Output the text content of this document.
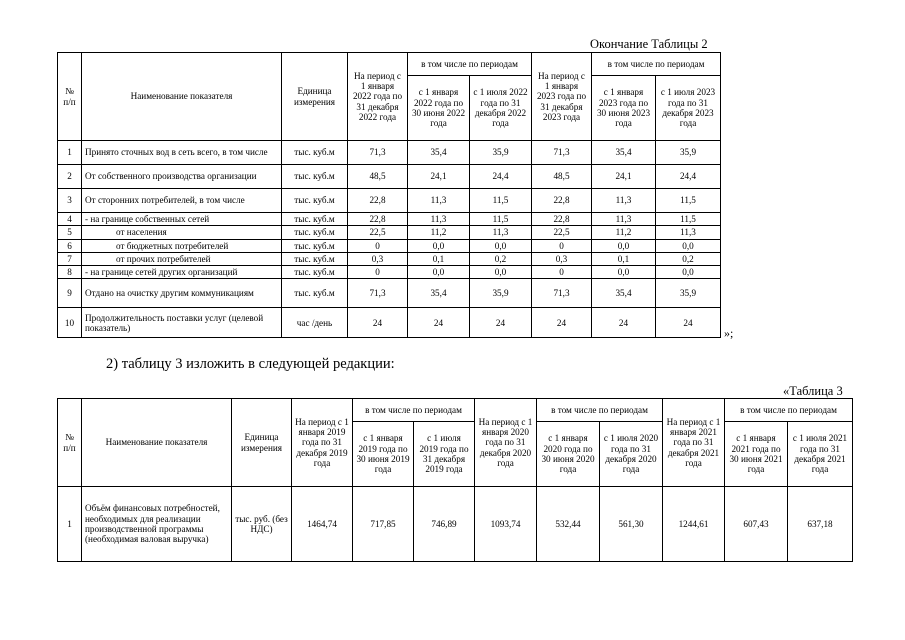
Окончание Таблицы 2
№ п/п	Наименование показателя	Единица измерения	На период с 1 января 2022 года по 31 декабря 2022 года	в том числе по периодам		На период с 1 января 2023 года по 31 декабря 2023 года	в том числе по периодам	
				с 1 января 2022 года по 30 июня 2022 года	с 1 июля 2022 года по 31 декабря 2022 года		с 1 января 2023 года по 30 июня 2023 года	с 1 июля 2023 года по 31 декабря 2023 года
1	Принято сточных вод в сеть всего, в том числе	тыс. куб.м	71,3	35,4	35,9	71,3	35,4	35,9
2	От собственного производства организации	тыс. куб.м	48,5	24,1	24,4	48,5	24,1	24,4
3	От сторонних потребителей, в том числе	тыс. куб.м	22,8	11,3	11,5	22,8	11,3	11,5
4	- на границе собственных сетей	тыс. куб.м	22,8	11,3	11,5	22,8	11,3	11,5
5	от населения	тыс. куб.м	22,5	11,2	11,3	22,5	11,2	11,3
6	от бюджетных потребителей	тыс. куб.м	0	0,0	0,0	0	0,0	0,0
7	от прочих потребителей	тыс. куб.м	0,3	0,1	0,2	0,3	0,1	0,2
8	- на границе сетей других организаций	тыс. куб.м	0	0,0	0,0	0	0,0	0,0
9	Отдано на очистку другим коммуникациям	тыс. куб.м	71,3	35,4	35,9	71,3	35,4	35,9
10	Продолжительность поставки услуг (целевой показатель)	час /день	24	24	24	24	24	24
»;
2) таблицу 3 изложить в следующей редакции:
«Таблица 3
№ п/п	Наименование показателя	Единица измерения	На период с 1 января 2019 года по 31 декабря 2019 года	в том числе по периодам		На период с 1 января 2020 года по 31 декабря 2020 года	в том числе по периодам		На период с 1 января 2021 года по 31 декабря 2021 года	в том числе по периодам	
				с 1 января 2019 года по 30 июня 2019 года	с 1 июля 2019 года по 31 декабря 2019 года		с 1 января 2020 года по 30 июня 2020 года	с 1 июля 2020 года по 31 декабря 2020 года		с 1 января 2021 года по 30 июня 2021 года	с 1 июля 2021 года по 31 декабря 2021 года
1	Объём финансовых потребностей, необходимых для реализации производственной программы (необходимая валовая выручка)	тыс. руб. (без НДС)	1464,74	717,85	746,89	1093,74	532,44	561,30	1244,61	607,43	637,18
